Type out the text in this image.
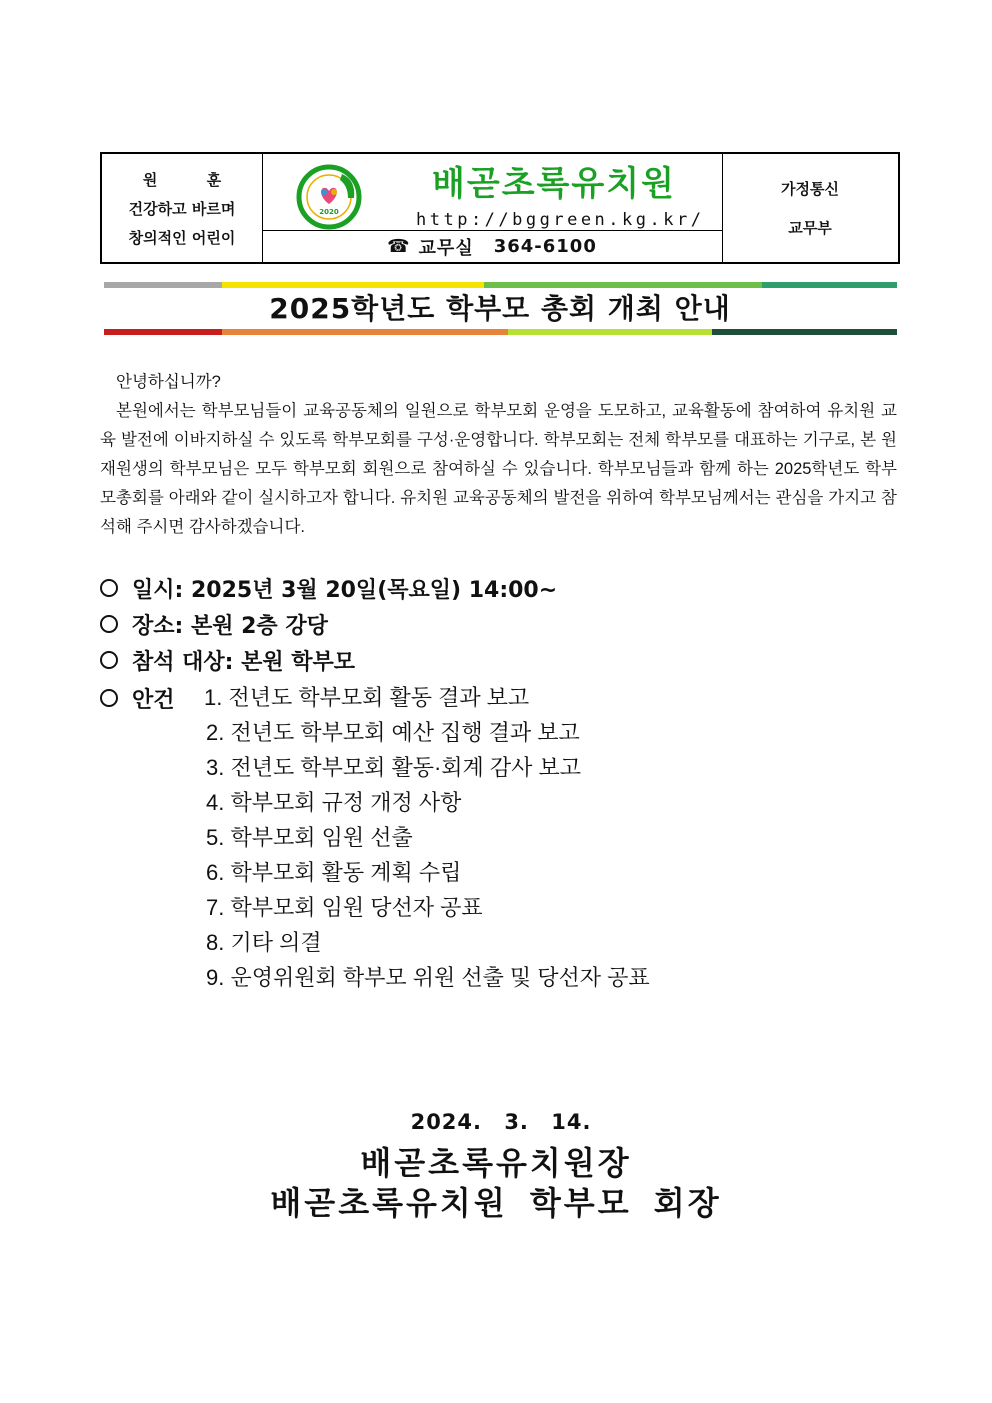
원 훈
건강하고 바르며
창의적인 어린이
2020
배곧초록유치원
http://bggreen.kg.kr/
☎ 교무실 364-6100
가정통신
교무부
2025학년도 학부모 총회 개최 안내

안녕하십니까?

본원에서는 학부모님들이 교육공동체의 일원으로 학부모회 운영을 도모하고, 교육활동에 참여하여 유치원 교육 발전에 이바지하실 수 있도록 학부모회를 구성·운영합니다. 학부모회는 전체 학부모를 대표하는 기구로, 본 원 재원생의 학부모님은 모두 학부모회 회원으로 참여하실 수 있습니다. 학부모님들과 함께 하는 2025학년도 학부모총회를 아래와 같이 실시하고자 합니다. 유치원 교육공동체의 발전을 위하여 학부모님께서는 관심을 가지고 참석해 주시면 감사하겠습니다.

일시: 2025년 3월 20일(목요일) 14:00~
장소: 본원 2층 강당
참석 대상: 본원 학부모
안건 1. 전년도 학부모회 활동 결과 보고
2. 전년도 학부모회 예산 집행 결과 보고
3. 전년도 학부모회 활동·회계 감사 보고
4. 학부모회 규정 개정 사항
5. 학부모회 임원 선출
6. 학부모회 활동 계획 수립
7. 학부모회 임원 당선자 공표
8. 기타 의결
9. 운영위원회 학부모 위원 선출 및 당선자 공표
2024. 3. 14.
배곧초록유치원장
배곧초록유치원 학부모 회장
